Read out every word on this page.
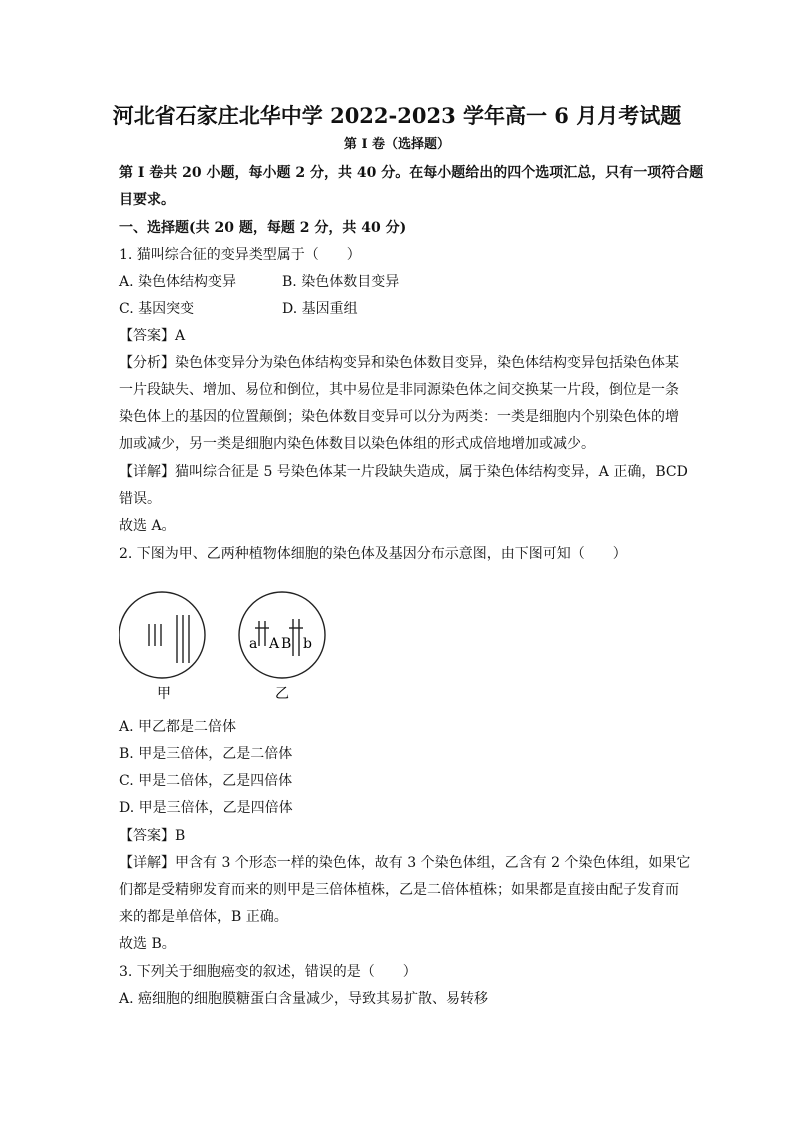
河北省石家庄北华中学 2022-2023 学年高一 6 月月考试题
第 I 卷（选择题）
第 I 卷共 20 小题，每小题 2 分，共 40 分。在每小题给出的四个选项汇总，只有一项符合题
目要求。
一、选择题(共 20 题，每题 2 分，共 40 分)
1. 猫叫综合征的变异类型属于（　　）
A. 染色体结构变异	B. 染色体数目变异
C. 基因突变	D. 基因重组
【答案】A
【分析】染色体变异分为染色体结构变异和染色体数目变异，染色体结构变异包括染色体某
一片段缺失、增加、易位和倒位，其中易位是非同源染色体之间交换某一片段，倒位是一条
染色体上的基因的位置颠倒；染色体数目变异可以分为两类：一类是细胞内个别染色体的增
加或减少，另一类是细胞内染色体数目以染色体组的形式成倍地增加或减少。
【详解】猫叫综合征是 5 号染色体某一片段缺失造成，属于染色体结构变异，A 正确，BCD
错误。
故选 A。
2. 下图为甲、乙两种植物体细胞的染色体及基因分布示意图，由下图可知（　　）
甲
a A B b
乙
A. 甲乙都是二倍体
B. 甲是三倍体，乙是二倍体
C. 甲是二倍体，乙是四倍体
D. 甲是三倍体，乙是四倍体
【答案】B
【详解】甲含有 3 个形态一样的染色体，故有 3 个染色体组，乙含有 2 个染色体组，如果它
们都是受精卵发育而来的则甲是三倍体植株，乙是二倍体植株；如果都是直接由配子发育而
来的都是单倍体，B 正确。
故选 B。
3. 下列关于细胞癌变的叙述，错误的是（　　）
A. 癌细胞的细胞膜糖蛋白含量减少，导致其易扩散、易转移
